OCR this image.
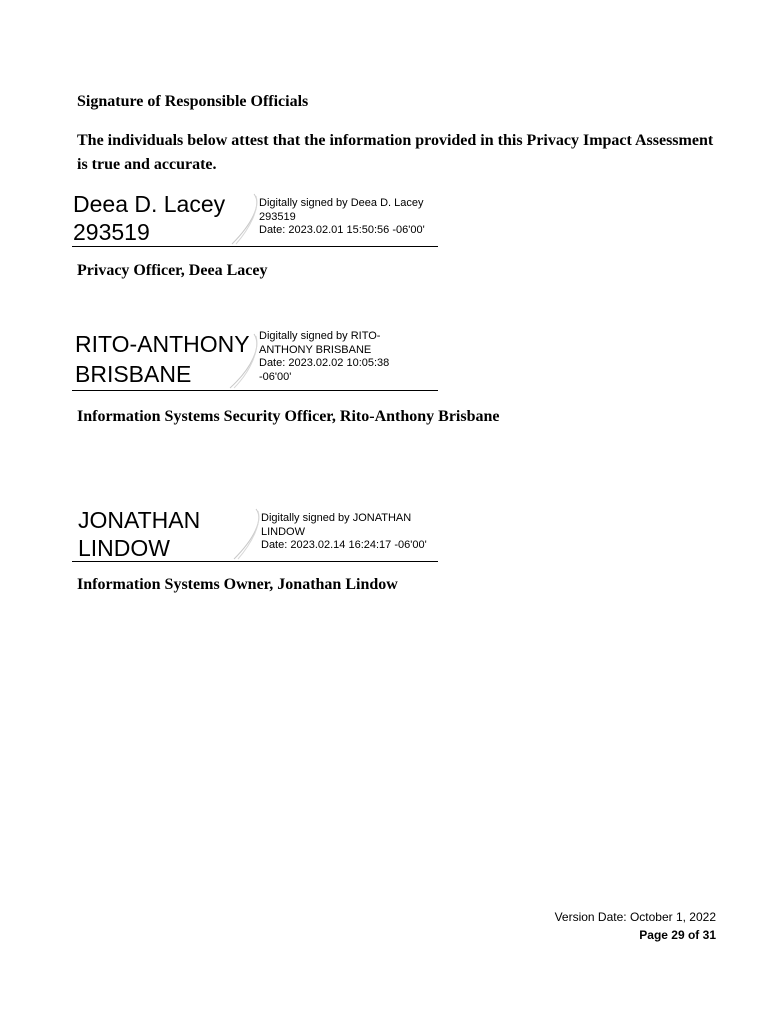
Signature of Responsible Officials
The individuals below attest that the information provided in this Privacy Impact Assessment is true and accurate.
Deea D. Lacey
293519
Digitally signed by Deea D. Lacey
293519
Date: 2023.02.01 15:50:56 -06'00'
Privacy Officer, Deea Lacey
RITO-ANTHONY
BRISBANE
Digitally signed by RITO-
ANTHONY BRISBANE
Date: 2023.02.02 10:05:38
-06'00'
Information Systems Security Officer, Rito-Anthony Brisbane
JONATHAN
LINDOW
Digitally signed by JONATHAN
LINDOW
Date: 2023.02.14 16:24:17 -06'00'
Information Systems Owner, Jonathan Lindow
Version Date: October 1, 2022
Page 29 of 31
